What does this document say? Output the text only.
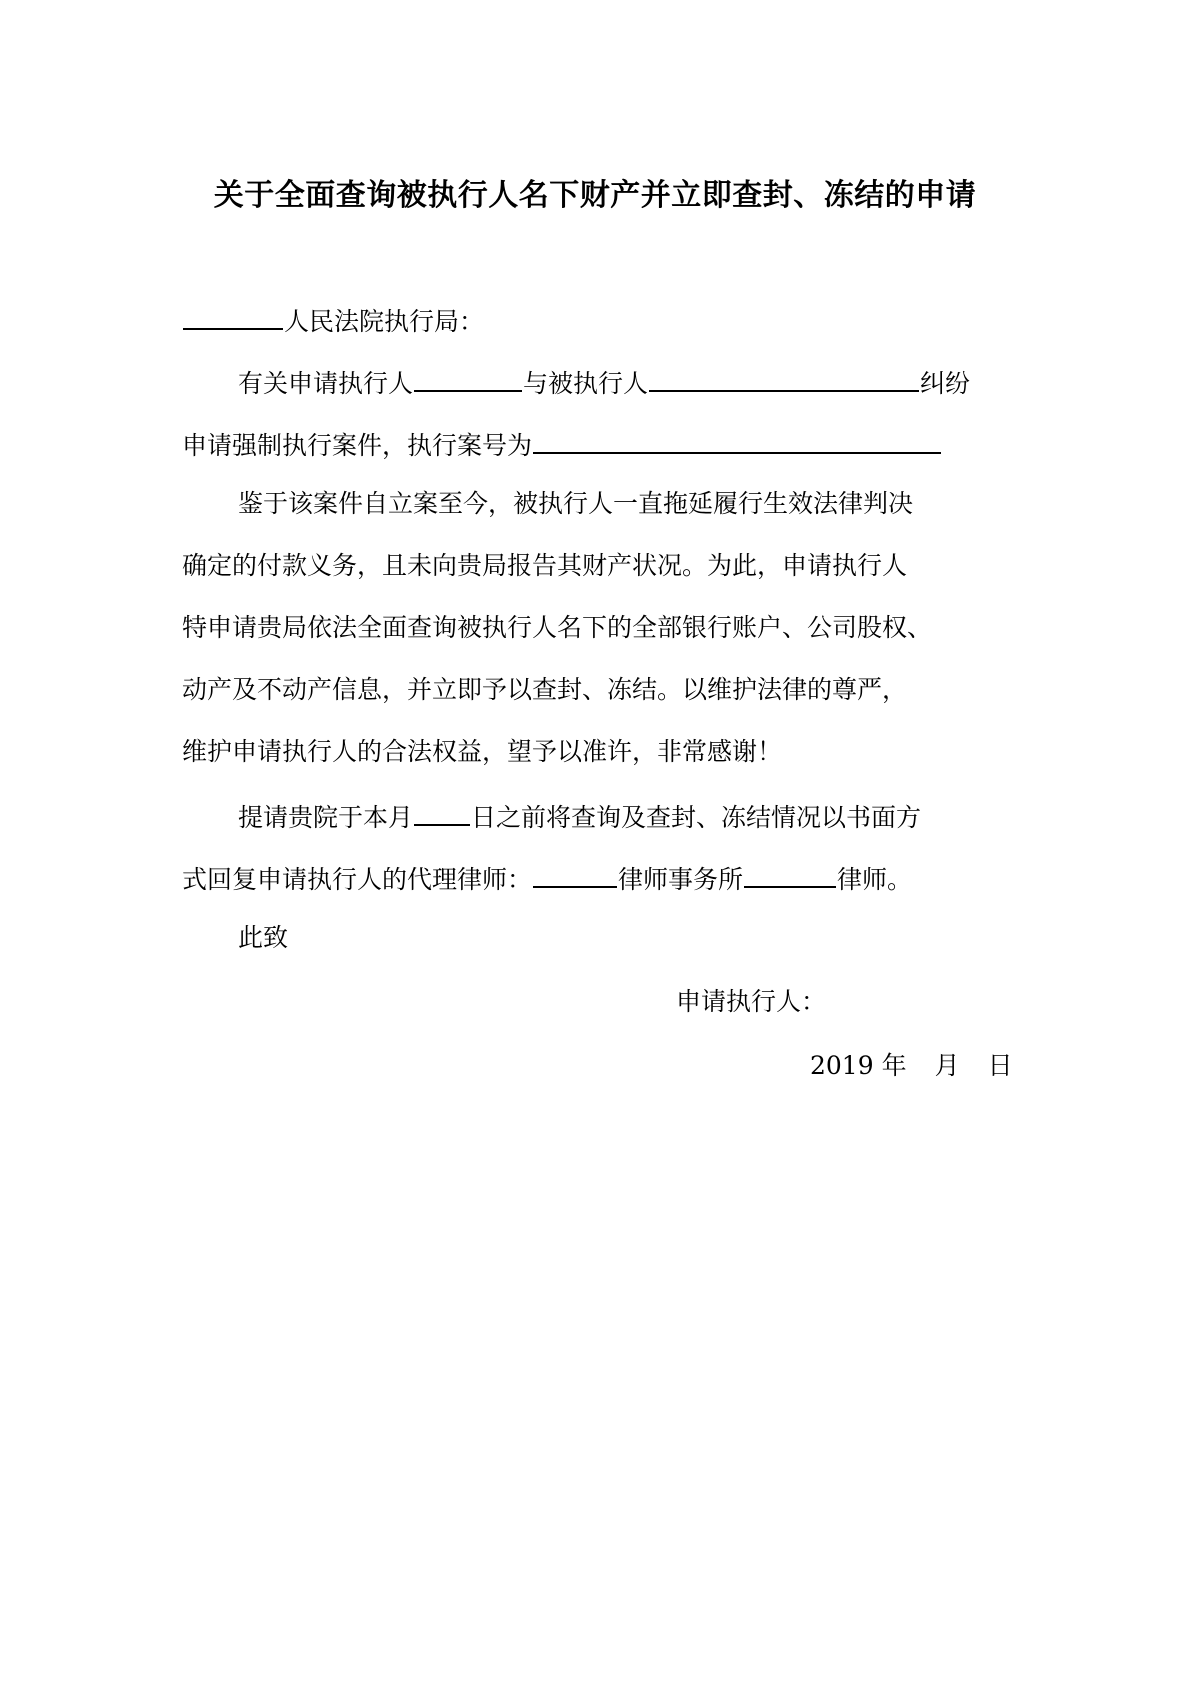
关于全面查询被执行人名下财产并立即查封、冻结的申请
人民法院执行局：
有关申请执行人	与被执行人	纠纷
申请强制执行案件，执行案号为
鉴于该案件自立案至今，被执行人一直拖延履行生效法律判决
确定的付款义务，且未向贵局报告其财产状况。为此，申请执行人
特申请贵局依法全面查询被执行人名下的全部银行账户、公司股权、
动产及不动产信息，并立即予以查封、冻结。以维护法律的尊严，
维护申请执行人的合法权益，望予以准许，非常感谢！
提请贵院于本月 日之前将查询及查封、冻结情况以书面方
式回复申请执行人的代理律师：	律师事务所	律师。
此致
申请执行人：
2019 年 月 日
